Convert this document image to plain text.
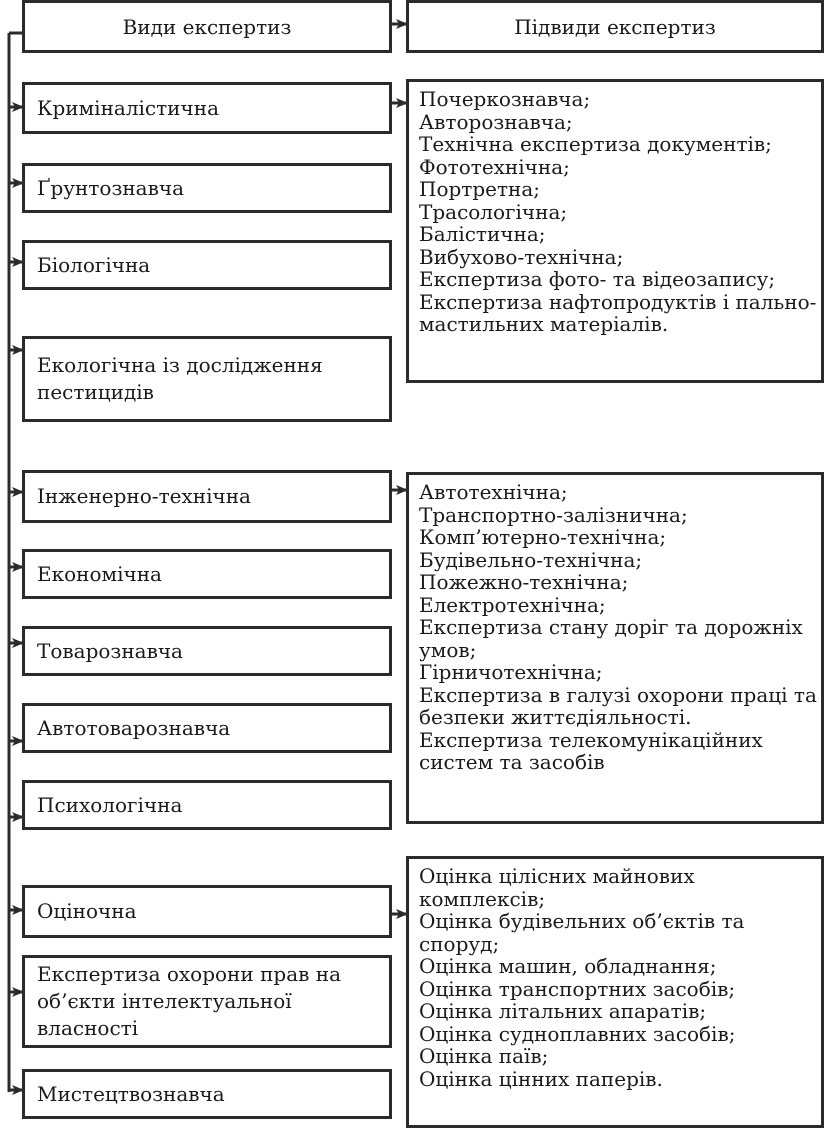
Види експертиз	Підвиди експертиз
Криміналістична
Ґрунтознавча
Біологічна
Екологічна із дослідження
пестицидів
Інженерно-технічна
Економічна
Товарознавча
Автотоварознавча
Психологічна
Оціночна
Експертиза охорони прав на
об’єкти інтелектуальної
власності
Мистецтвознавча
Почеркознавча;
Авторознавча;
Технічна експертиза документів;
Фототехнічна;
Портретна;
Трасологічна;
Балістична;
Вибухово-технічна;
Експертиза фото- та відеозапису;
Експертиза нафтопродуктів і пально-
мастильних матеріалів.
Автотехнічна;
Транспортно-залізнична;
Комп’ютерно-технічна;
Будівельно-технічна;
Пожежно-технічна;
Електротехнічна;
Експертиза стану доріг та дорожніх
умов;
Гірничотехнічна;
Експертиза в галузі охорони праці та
безпеки життєдіяльності.
Експертиза телекомунікаційних
систем та засобів
Оцінка цілісних майнових
комплексів;
Оцінка будівельних об’єктів та
споруд;
Оцінка машин, обладнання;
Оцінка транспортних засобів;
Оцінка літальних апаратів;
Оцінка судноплавних засобів;
Оцінка паїв;
Оцінка цінних паперів.
